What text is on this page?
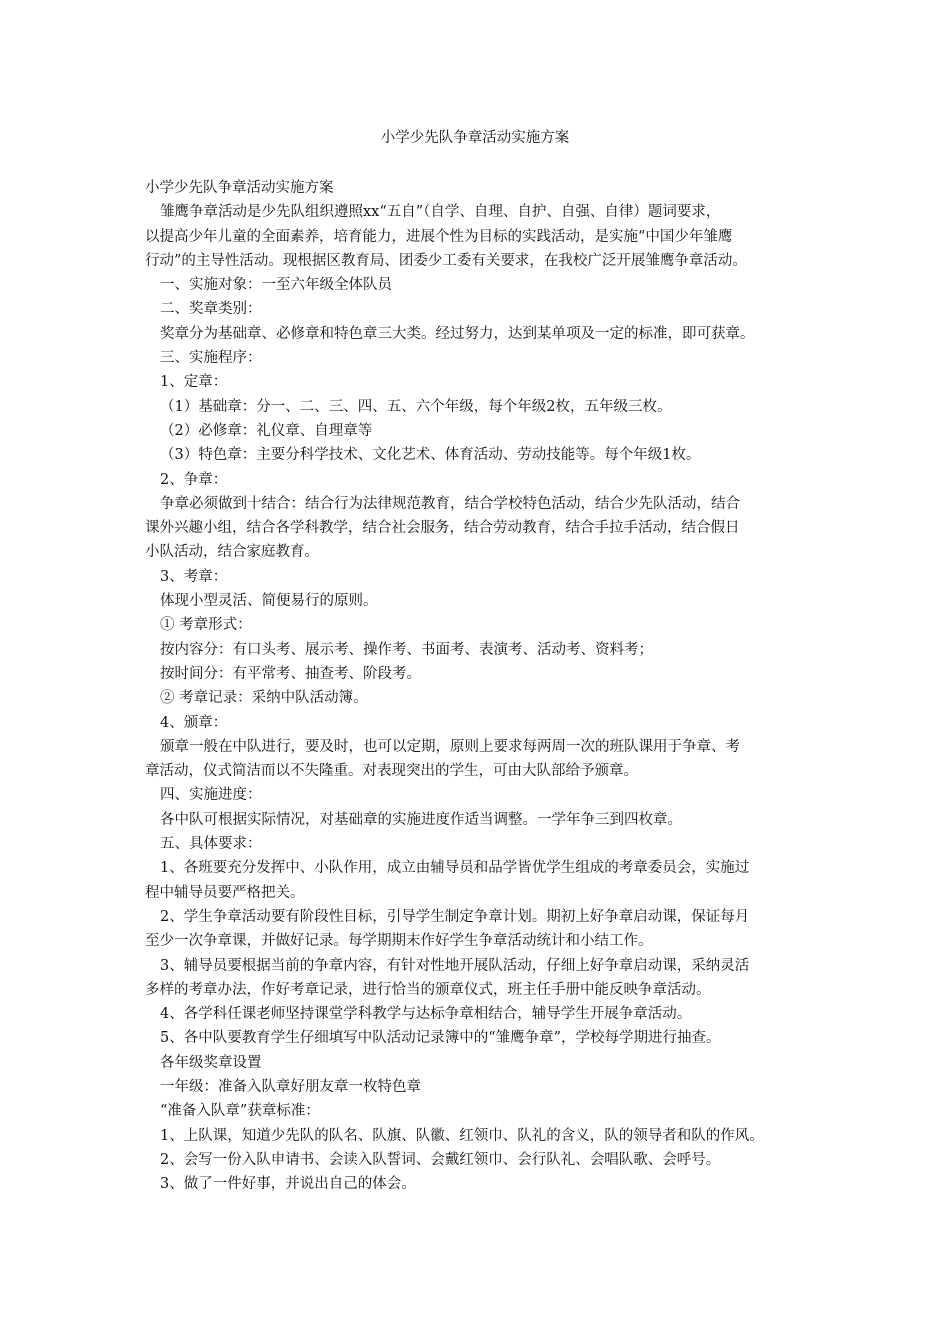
小学少先队争章活动实施方案

小学少先队争章活动实施方案

雏鹰争章活动是少先队组织遵照xx“五自”（自学、自理、自护、自强、自律）题词要求，

以提高少年儿童的全面素养，培育能力，进展个性为目标的实践活动，是实施“中国少年雏鹰

行动”的主导性活动。现根据区教育局、团委少工委有关要求，在我校广泛开展雏鹰争章活动。

一、实施对象：一至六年级全体队员

二、奖章类别：

奖章分为基础章、必修章和特色章三大类。经过努力，达到某单项及一定的标准，即可获章。

三、实施程序：

1、定章：

（1）基础章：分一、二、三、四、五、六个年级，每个年级2枚，五年级三枚。

（2）必修章：礼仪章、自理章等

（3）特色章：主要分科学技术、文化艺术、体育活动、劳动技能等。每个年级1枚。

2、争章：

争章必须做到十结合：结合行为法律规范教育，结合学校特色活动，结合少先队活动，结合

课外兴趣小组，结合各学科教学，结合社会服务，结合劳动教育，结合手拉手活动，结合假日

小队活动，结合家庭教育。

3、考章：

体现小型灵活、简便易行的原则。

① 考章形式：

按内容分：有口头考、展示考、操作考、书面考、表演考、活动考、资料考；

按时间分：有平常考、抽查考、阶段考。

② 考章记录：采纳中队活动簿。

4、颁章：

颁章一般在中队进行，要及时，也可以定期，原则上要求每两周一次的班队课用于争章、考

章活动，仪式简洁而以不失隆重。对表现突出的学生，可由大队部给予颁章。

四、实施进度：

各中队可根据实际情况，对基础章的实施进度作适当调整。一学年争三到四枚章。

五、具体要求：

1、各班要充分发挥中、小队作用，成立由辅导员和品学皆优学生组成的考章委员会，实施过

程中辅导员要严格把关。

2、学生争章活动要有阶段性目标，引导学生制定争章计划。期初上好争章启动课，保证每月

至少一次争章课，并做好记录。每学期期末作好学生争章活动统计和小结工作。

3、辅导员要根据当前的争章内容，有针对性地开展队活动，仔细上好争章启动课，采纳灵活

多样的考章办法，作好考章记录，进行恰当的颁章仪式，班主任手册中能反映争章活动。

4、各学科任课老师坚持课堂学科教学与达标争章相结合，辅导学生开展争章活动。

5、各中队要教育学生仔细填写中队活动记录簿中的“雏鹰争章”，学校每学期进行抽查。

各年级奖章设置

一年级：准备入队章好朋友章一枚特色章

“准备入队章”获章标准：

1、上队课，知道少先队的队名、队旗、队徽、红领巾、队礼的含义，队的领导者和队的作风。

2、会写一份入队申请书、会读入队誓词、会戴红领巾、会行队礼、会唱队歌、会呼号。

3、做了一件好事，并说出自己的体会。
